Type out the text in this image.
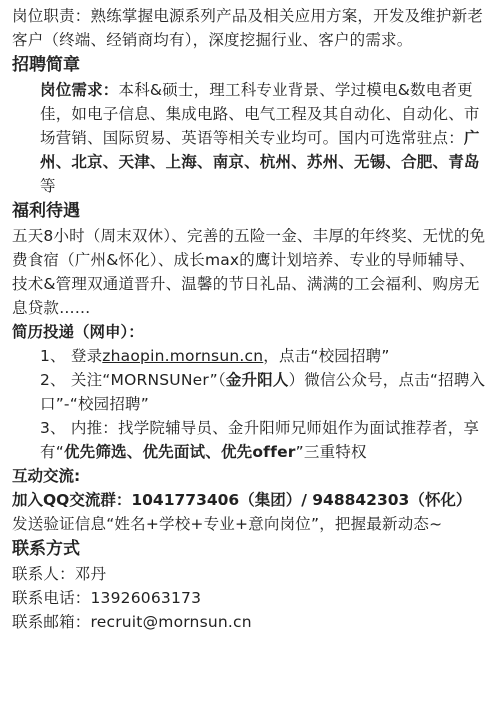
岗位职责：熟练掌握电源系列产品及相关应用方案，开发及维护新老客户（终端、经销商均有），深度挖掘行业、客户的需求。

招聘简章

岗位需求：本科&硕士，理工科专业背景、学过模电&数电者更佳，如电子信息、集成电路、电气工程及其自动化、自动化、市场营销、国际贸易、英语等相关专业均可。国内可选常驻点：广州、北京、天津、上海、南京、杭州、苏州、无锡、合肥、青岛等

福利待遇

五天8小时（周末双休）、完善的五险一金、丰厚的年终奖、无忧的免费食宿（广州&怀化）、成长max的鹰计划培养、专业的导师辅导、技术&管理双通道晋升、温馨的节日礼品、满满的工会福利、购房无息贷款……

简历投递（网申）：

1、 登录zhaopin.mornsun.cn，点击“校园招聘”

2、 关注“MORNSUNer”（金升阳人）微信公众号，点击“招聘入口”-“校园招聘”

3、 内推：找学院辅导员、金升阳师兄师姐作为面试推荐者，享有“优先筛选、优先面试、优先offer”三重特权

互动交流:

加入QQ交流群：1041773406（集团）/ 948842303（怀化）

发送验证信息“姓名+学校+专业+意向岗位”，把握最新动态~

联系方式

联系人：邓丹

联系电话：13926063173

联系邮箱：recruit@mornsun.cn
